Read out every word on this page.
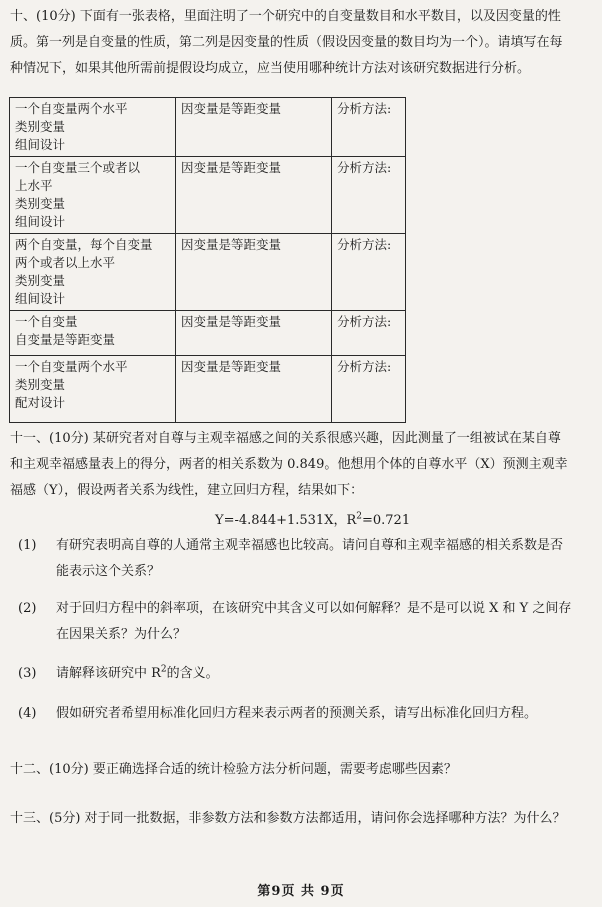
十、(10分) 下面有一张表格，里面注明了一个研究中的自变量数目和水平数目，以及因变量的性
质。第一列是自变量的性质，第二列是因变量的性质（假设因变量的数目均为一个）。请填写在每
种情况下，如果其他所需前提假设均成立，应当使用哪种统计方法对该研究数据进行分析。
一个自变量两个水平
类别变量
组间设计	因变量是等距变量	分析方法:

一个自变量三个或者以
上水平
类别变量
组间设计	因变量是等距变量	分析方法:

两个自变量，每个自变量
两个或者以上水平
类别变量
组间设计	因变量是等距变量	分析方法:

一个自变量
自变量是等距变量	因变量是等距变量	分析方法:

一个自变量两个水平
类别变量
配对设计	因变量是等距变量	分析方法:
十一、(10分) 某研究者对自尊与主观幸福感之间的关系很感兴趣，因此测量了一组被试在某自尊
和主观幸福感量表上的得分，两者的相关系数为 0.849。他想用个体的自尊水平（X）预测主观幸
福感（Y），假设两者关系为线性，建立回归方程，结果如下：
Y=-4.844+1.531X，$R^2=0.721$
(1) 有研究表明高自尊的人通常主观幸福感也比较高。请问自尊和主观幸福感的相关系数是否
能表示这个关系？
(2) 对于回归方程中的斜率项，在该研究中其含义可以如何解释？是不是可以说 X 和 Y 之间存
在因果关系？为什么？
(3) 请解释该研究中 $R^2$的含义。
(4) 假如研究者希望用标准化回归方程来表示两者的预测关系，请写出标准化回归方程。
十二、(10分) 要正确选择合适的统计检验方法分析问题，需要考虑哪些因素？
十三、(5分) 对于同一批数据，非参数方法和参数方法都适用，请问你会选择哪种方法？为什么？
第9页 共 9页
